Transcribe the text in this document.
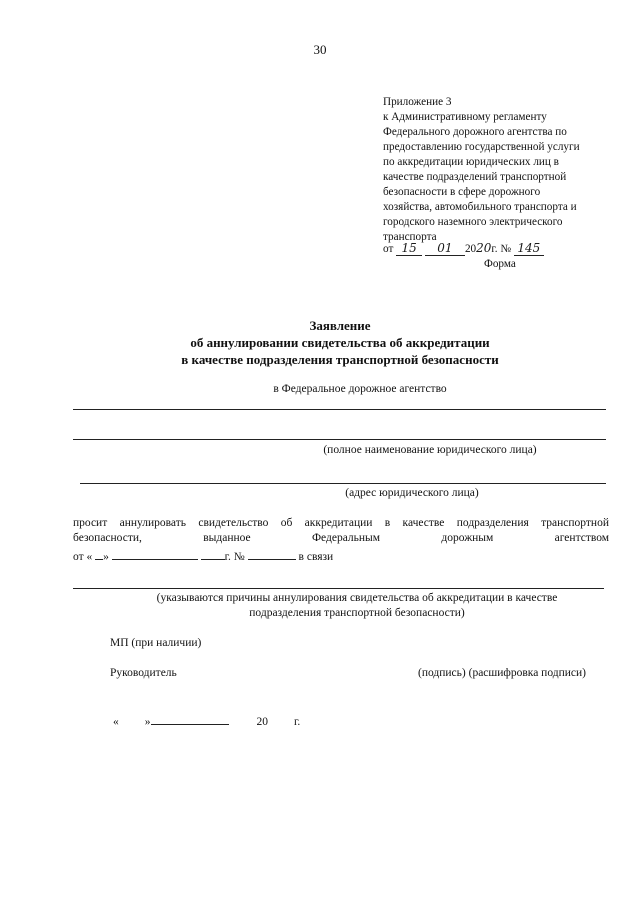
30
Приложение 3
к Административному регламенту
Федерального дорожного агентства по
предоставлению государственной услуги
по аккредитации юридических лиц в
качестве подразделений транспортной
безопасности в сфере дорожного
хозяйства, автомобильного транспорта и
городского наземного электрического
транспорта
от 15 01 2020г. № 145
Форма
Заявление
об аннулировании свидетельства об аккредитации
в качестве подразделения транспортной безопасности
в Федеральное дорожное агентство
(полное наименование юридического лица)
(адрес юридического лица)
просит аннулировать свидетельство об аккредитации в качестве подразделения транспортной
безопасности,	выданное	Федеральным	дорожным	агентством
от « »	г. №	в связи
(указываются причины аннулирования свидетельства об аккредитации в качестве
подразделения транспортной безопасности)
МП (при наличии)
Руководитель	(подпись) (расшифровка подписи)
« »	20 г.
